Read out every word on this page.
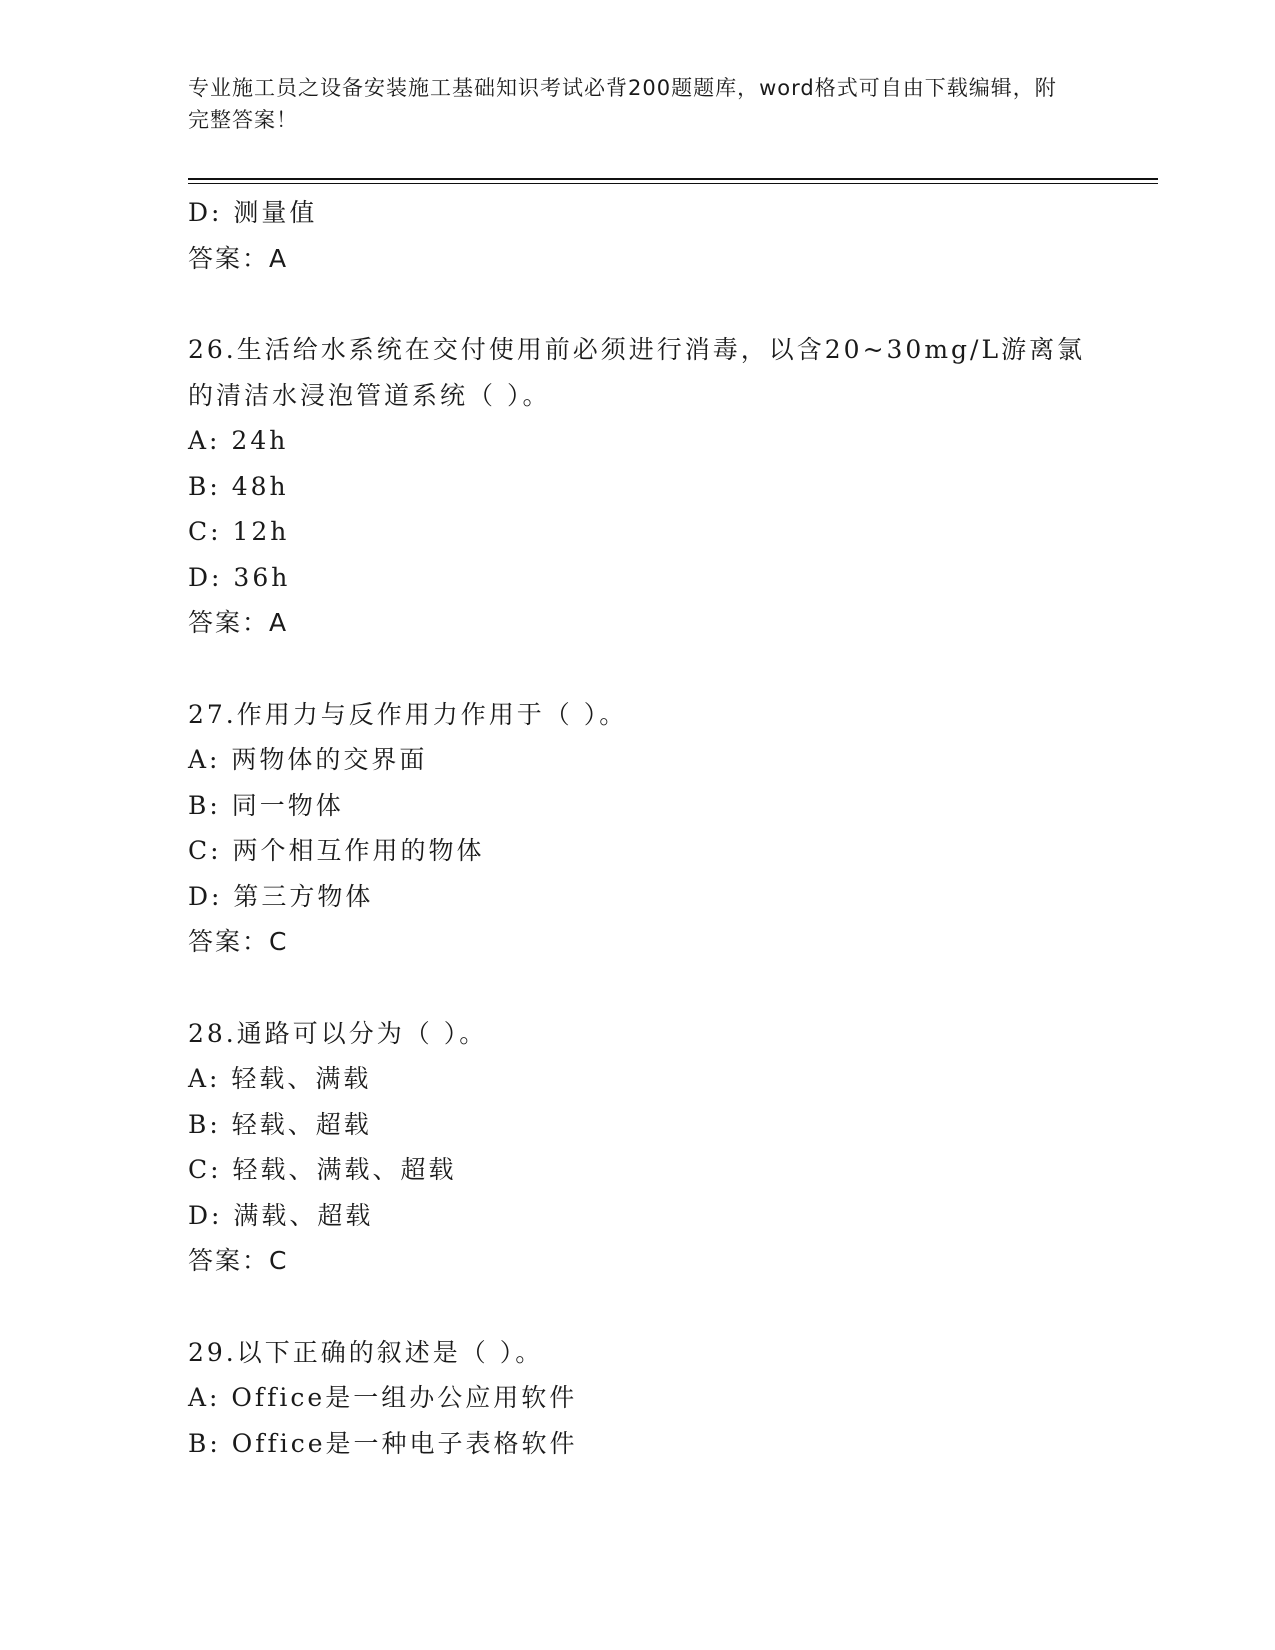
专业施工员之设备安装施工基础知识考试必背200题题库，word格式可自由下载编辑，附完整答案！
D: 测量值
答案：A
26.生活给水系统在交付使用前必须进行消毒，以含20~30mg/L游离氯的清洁水浸泡管道系统（ ）。
A: 24h
B: 48h
C: 12h
D: 36h
答案：A
27.作用力与反作用力作用于（ ）。
A: 两物体的交界面
B: 同一物体
C: 两个相互作用的物体
D: 第三方物体
答案：C
28.通路可以分为（ ）。
A: 轻载、满载
B: 轻载、超载
C: 轻载、满载、超载
D: 满载、超载
答案：C
29.以下正确的叙述是（ ）。
A: Office是一组办公应用软件
B: Office是一种电子表格软件
